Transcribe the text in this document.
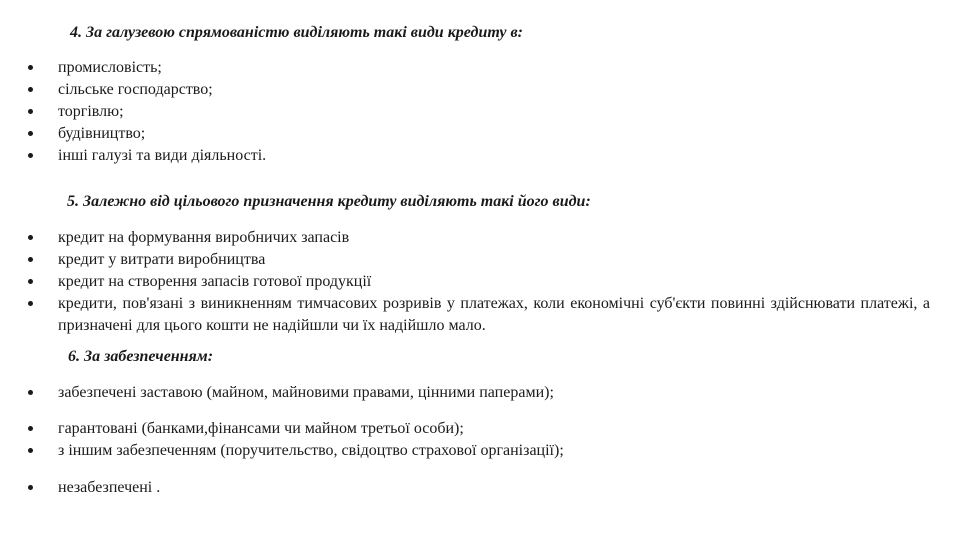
4. За галузевою спрямованістю виділяють такі види кредиту в:
промисловість;
сільське господарство;
торгівлю;
будівництво;
інші галузі та види діяльності.
5. Залежно від цільового призначення кредиту виділяють такі його види:
кредит на формування виробничих запасів
кредит у витрати виробництва
кредит на створення запасів готової продукції
кредити, пов'язані з виникненням тимчасових розривів у платежах, коли економічні суб'єкти повинні здійснювати платежі, а призначені для цього кошти не надійшли чи їх надійшло мало.
6. За забезпеченням:
забезпечені заставою (майном, майновими правами, цінними паперами);
гарантовані (банками,фінансами чи майном третьої особи);
з іншим забезпеченням (поручительство, свідоцтво страхової організації);
незабезпечені .
